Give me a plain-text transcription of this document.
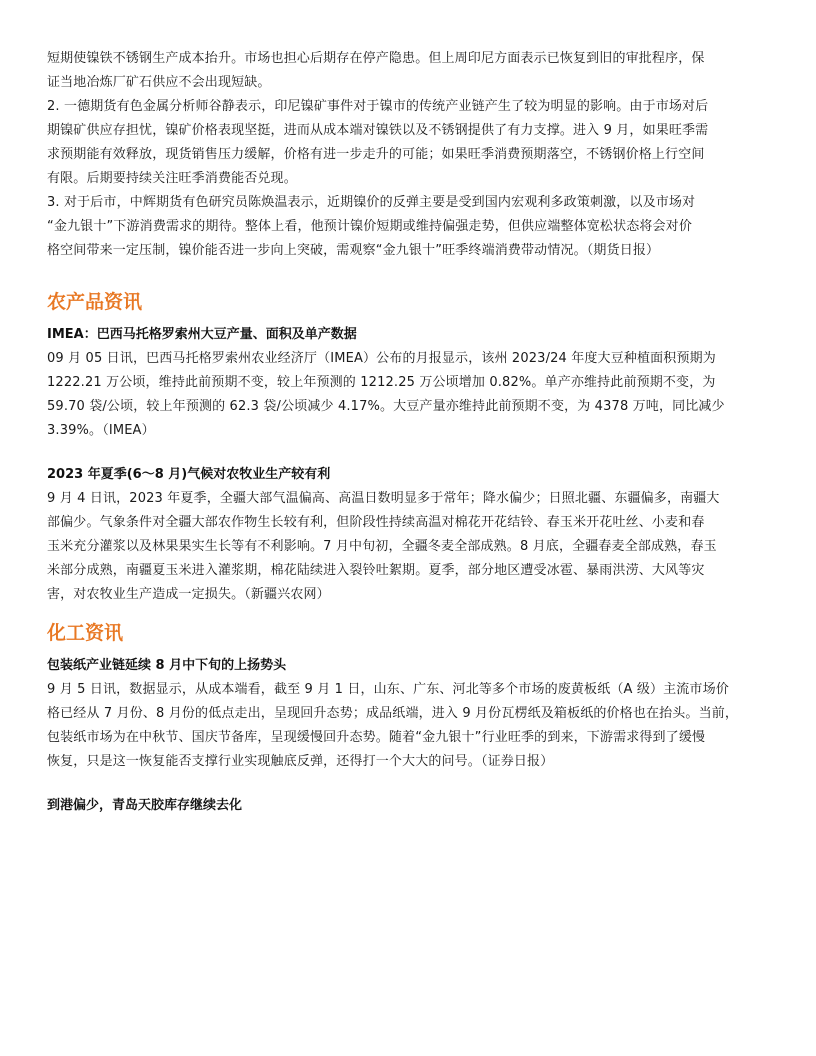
短期使镍铁不锈钢生产成本抬升。市场也担心后期存在停产隐患。但上周印尼方面表示已恢复到旧的审批程序，保
证当地冶炼厂矿石供应不会出现短缺。
2. 一德期货有色金属分析师谷静表示，印尼镍矿事件对于镍市的传统产业链产生了较为明显的影响。由于市场对后
期镍矿供应存担忧，镍矿价格表现坚挺，进而从成本端对镍铁以及不锈钢提供了有力支撑。进入 9 月，如果旺季需
求预期能有效释放，现货销售压力缓解，价格有进一步走升的可能；如果旺季消费预期落空，不锈钢价格上行空间
有限。后期要持续关注旺季消费能否兑现。
3. 对于后市，中辉期货有色研究员陈焕温表示，近期镍价的反弹主要是受到国内宏观利多政策刺激，以及市场对
“金九银十”下游消费需求的期待。整体上看，他预计镍价短期或维持偏强走势，但供应端整体宽松状态将会对价
格空间带来一定压制，镍价能否进一步向上突破，需观察“金九银十”旺季终端消费带动情况。（期货日报）
农产品资讯
IMEA：巴西马托格罗索州大豆产量、面积及单产数据
09 月 05 日讯，巴西马托格罗索州农业经济厅（IMEA）公布的月报显示，该州 2023/24 年度大豆种植面积预期为
1222.21 万公顷，维持此前预期不变，较上年预测的 1212.25 万公顷增加 0.82%。单产亦维持此前预期不变，为
59.70 袋/公顷，较上年预测的 62.3 袋/公顷减少 4.17%。大豆产量亦维持此前预期不变，为 4378 万吨，同比减少
3.39%。（IMEA）
2023 年夏季(6～8 月)气候对农牧业生产较有利
9 月 4 日讯，2023 年夏季，全疆大部气温偏高、高温日数明显多于常年；降水偏少；日照北疆、东疆偏多，南疆大
部偏少。气象条件对全疆大部农作物生长较有利，但阶段性持续高温对棉花开花结铃、春玉米开花吐丝、小麦和春
玉米充分灌浆以及林果果实生长等有不利影响。7 月中旬初，全疆冬麦全部成熟。8 月底，全疆春麦全部成熟，春玉
米部分成熟，南疆夏玉米进入灌浆期，棉花陆续进入裂铃吐絮期。夏季，部分地区遭受冰雹、暴雨洪涝、大风等灾
害，对农牧业生产造成一定损失。（新疆兴农网）
化工资讯
包装纸产业链延续 8 月中下旬的上扬势头
9 月 5 日讯，数据显示，从成本端看，截至 9 月 1 日，山东、广东、河北等多个市场的废黄板纸（A 级）主流市场价
格已经从 7 月份、8 月份的低点走出，呈现回升态势；成品纸端，进入 9 月份瓦楞纸及箱板纸的价格也在抬头。当前，
包装纸市场为在中秋节、国庆节备库，呈现缓慢回升态势。随着“金九银十”行业旺季的到来，下游需求得到了缓慢
恢复，只是这一恢复能否支撑行业实现触底反弹，还得打一个大大的问号。（证券日报）
到港偏少，青岛天胶库存继续去化
